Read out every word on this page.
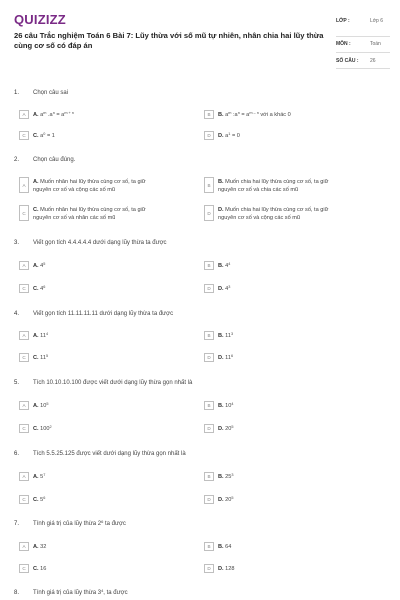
QUIZIZZ
26 câu Trắc nghiệm Toán 6 Bài 7: Lũy thừa với số mũ tự nhiên, nhân chia hai lũy thừa cùng cơ số có đáp án
LỚP :	Lớp 6
MÔN :	Toán
SỐ CÂU : 26
1. Chọn câu sai
A	A. $a^m$ $.a^n = a^{m + n}$	B	B. $a^m$ $:a^n = a^{m - n}$ với a khác 0
C	C. $a^0 = 1$	D	D. $a^1 = 0$
2. Chọn câu đúng.
A
A. Muốn nhân hai lũy thừa cùng cơ số, ta giữ
nguyên cơ số và cộng các số mũ
B
B. Muốn chia hai lũy thừa cùng cơ số, ta giữ
nguyên cơ số và chia các số mũ
C
C. Muốn nhân hai lũy thừa cùng cơ số, ta giữ
nguyên cơ số và nhân các số mũ
D
D. Muốn chia hai lũy thừa cùng cơ số, ta giữ
nguyên cơ số và cộng các số mũ
3. Viết gọn tích 4.4.4.4.4 dưới dạng lũy thừa ta được
A	A. $4^5$	B	B. $4^4$
C	C. $4^6$	D	D. $4^3$
4. Viết gọn tích 11.11.11.11 dưới dạng lũy thừa ta được
A	A. $11^4$	B	B. $11^3$
C	C. $11^5$	D	D. $11^6$
5. Tích 10.10.10.100 được viết dưới dạng lũy thừa gọn nhất là
A	A. $10^5$	B	B. $10^4$
C	C. $100^2$	D	D. $20^5$
6. Tích 5.5.25.125 được viết dưới dạng lũy thừa gọn nhất là
A	A. $5^7$	B	B. $25^3$
C	C. $5^6$	D	D. $20^5$
7. Tính giá trị của lũy thừa $2^6$ ta được
A	A. 32	B	B. 64
C	C. 16	D	D. 128
8. Tính giá trị của lũy thừa $3^4$, ta được
